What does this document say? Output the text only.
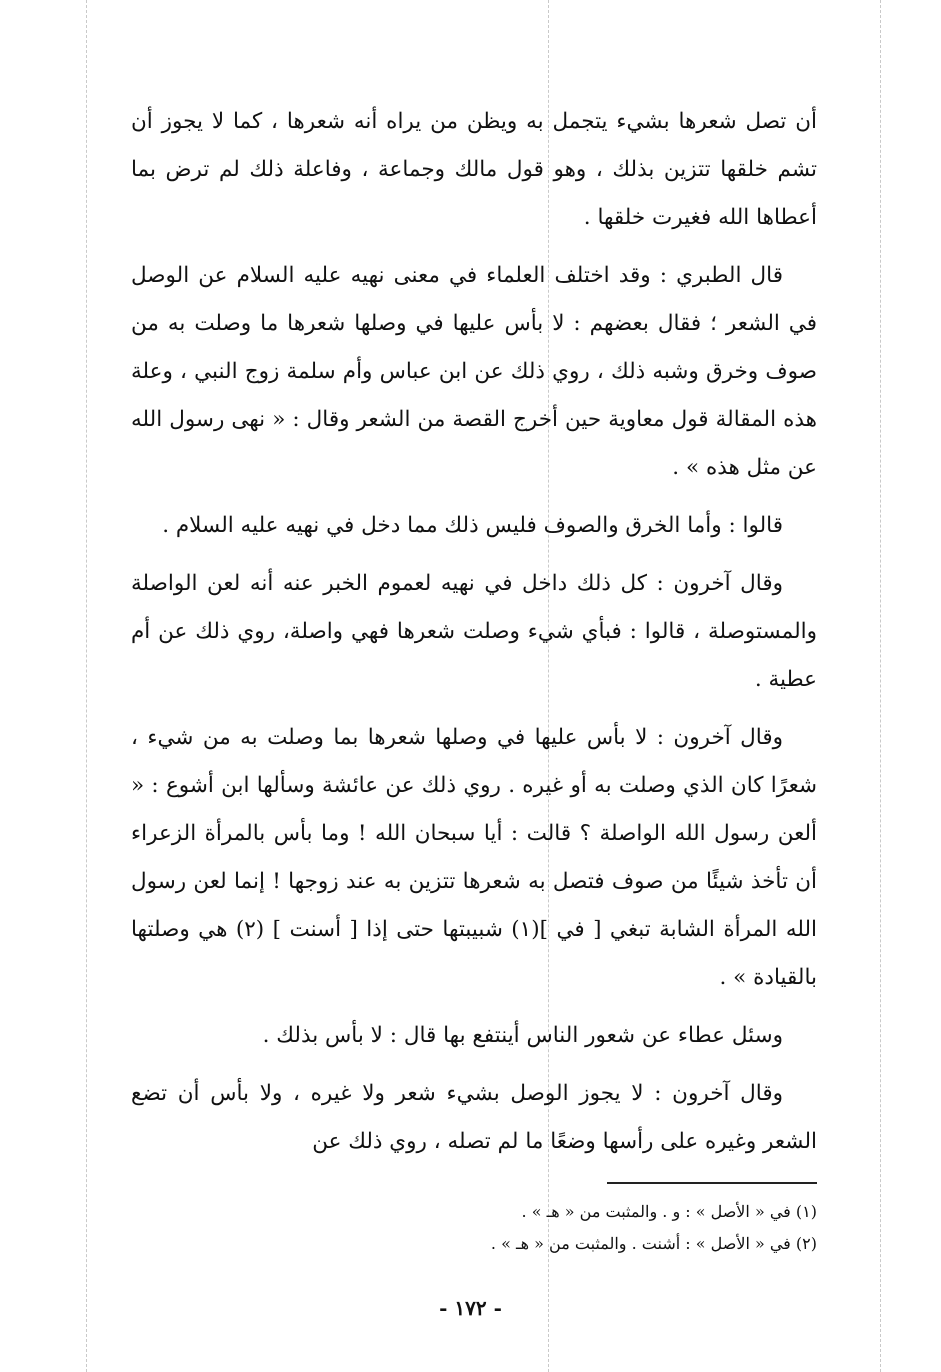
أن تصل شعرها بشيء يتجمل به ويظن من يراه أنه شعرها ، كما لا يجوز أن تشم خلقها تتزين بذلك ، وهو قول مالك وجماعة ، وفاعلة ذلك لم ترض بما أعطاها الله فغيرت خلقها .

قال الطبري : وقد اختلف العلماء في معنى نهيه عليه السلام عن الوصل في الشعر ؛ فقال بعضهم : لا بأس عليها في وصلها شعرها ما وصلت به من صوف وخرق وشبه ذلك ، روي ذلك عن ابن عباس وأم سلمة زوج النبي ، وعلة هذه المقالة قول معاوية حين أخرج القصة من الشعر وقال : « نهى رسول الله عن مثل هذه » .

قالوا : وأما الخرق والصوف فليس ذلك مما دخل في نهيه عليه السلام .

وقال آخرون : كل ذلك داخل في نهيه لعموم الخبر عنه أنه لعن الواصلة والمستوصلة ، قالوا : فبأي شيء وصلت شعرها فهي واصلة، روي ذلك عن أم عطية .

وقال آخرون : لا بأس عليها في وصلها شعرها بما وصلت به من شيء ، شعرًا كان الذي وصلت به أو غيره . روي ذلك عن عائشة وسألها ابن أشوع : « ألعن رسول الله الواصلة ؟ قالت : أيا سبحان الله ! وما بأس بالمرأة الزعراء أن تأخذ شيئًا من صوف فتصل به شعرها تتزين به عند زوجها ! إنما لعن رسول الله المرأة الشابة تبغي [ في ](١) شبيبتها حتى إذا [ أسنت ] (٢) هي وصلتها بالقيادة » .

وسئل عطاء عن شعور الناس أينتفع بها قال : لا بأس بذلك .

وقال آخرون : لا يجوز الوصل بشيء شعر ولا غيره ، ولا بأس أن تضع الشعر وغيره على رأسها وضعًا ما لم تصله ، روي ذلك عن

(١) في « الأصل » : و . والمثبت من « هـ » .

(٢) في « الأصل » : أشنت . والمثبت من « هـ » .

- ١٧٢ -
